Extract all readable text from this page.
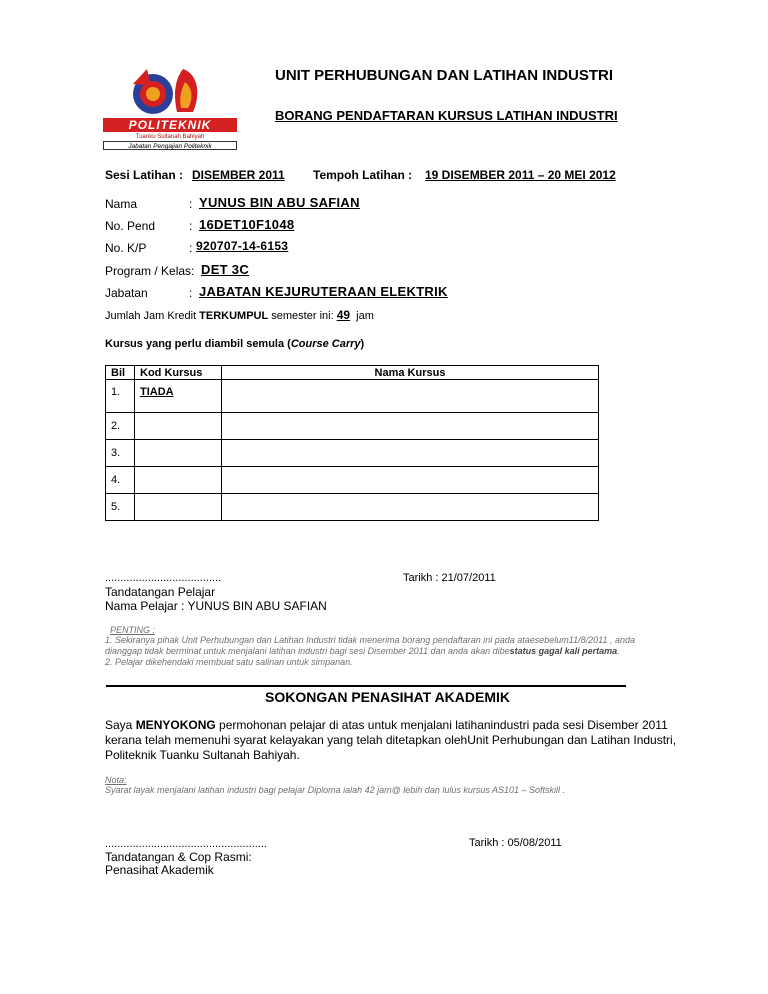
POLITEKNIK
Tuanku Sultanah Bahiyah
Jabatan Pengajian Politeknik
UNIT PERHUBUNGAN DAN LATIHAN INDUSTRI
BORANG PENDAFTARAN KURSUS LATIHAN INDUSTRI
Sesi Latihan : DISEMBER 2011 Tempoh Latihan : 19 DISEMBER 2011 – 20 MEI 2012
Nama	: YUNUS BIN ABU SAFIAN
No. Pend	: 16DET10F1048
No. K/P	: 920707-14-6153
Program / Kelas: DET 3C
Jabatan	: JABATAN KEJURUTERAAN ELEKTRIK
Jumlah Jam Kredit TERKUMPUL semester ini: 49 jam
Kursus yang perlu diambil semula (Course Carry)
Bil	Kod Kursus	Nama Kursus
1.	TIADA	
2.		
3.		
4.		
5.		
......................................
Tandatangan Pelajar
Nama Pelajar : YUNUS BIN ABU SAFIAN
Tarikh : 21/07/2011
PENTING :
1. Sekiranya pihak Unit Perhubungan dan Latihan Industri tidak menerima borang pendaftaran ini pada ataesebelum11/8/2011 , anda
dianggap tidak berminat untuk menjalani latihan industri bagi sesi Disember 2011 dan anda akan dibestatus gagal kali pertama.
2. Pelajar dikehendaki membuat satu salinan untuk simpanan.
SOKONGAN PENASIHAT AKADEMIK
Saya MENYOKONG permohonan pelajar di atas untuk menjalani latihanindustri pada sesi Disember 2011
kerana telah memenuhi syarat kelayakan yang telah ditetapkan olehUnit Perhubungan dan Latihan Industri,
Politeknik Tuanku Sultanah Bahiyah.
Nota:
Syarat layak menjalani latihan industri bagi pelajar Diploma ialah 42 jam@ lebih dan lulus kursus AS101 – Softskill .
.....................................................	Tarikh : 05/08/2011
Tandatangan & Cop Rasmi:
Penasihat Akademik
